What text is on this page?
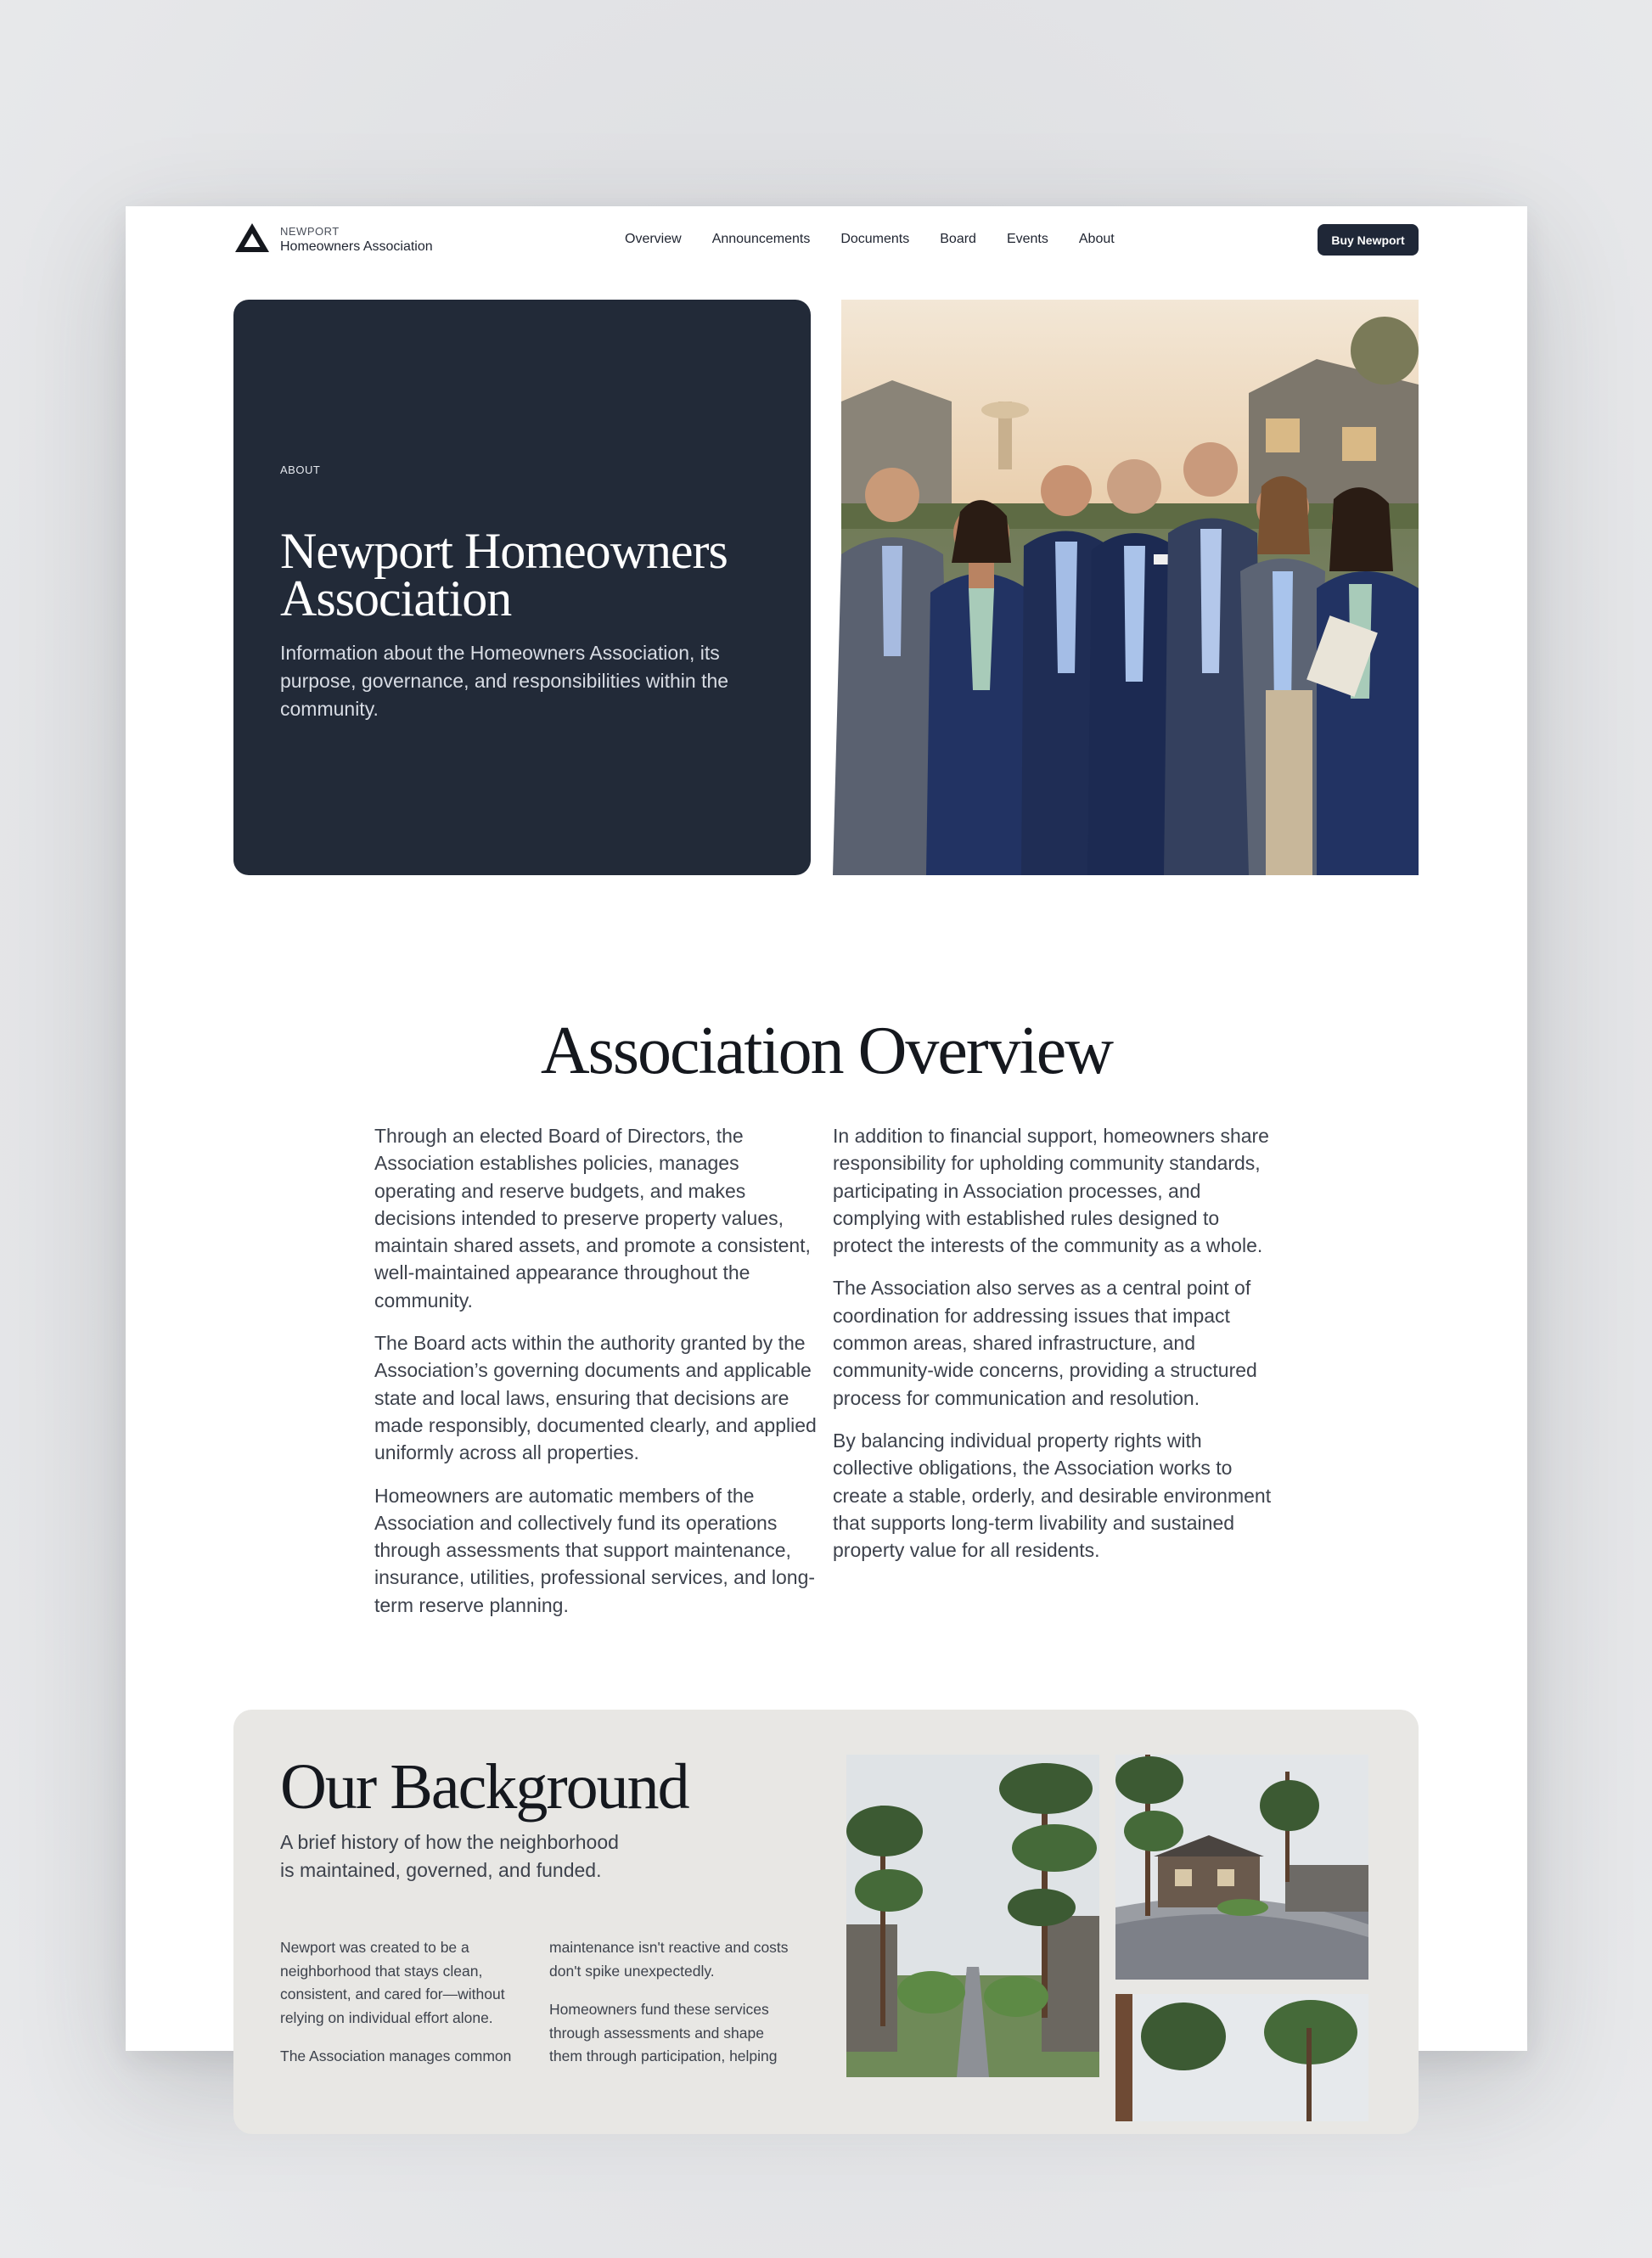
NEWPORT
Homeowners Association
Overview Announcements Documents Board Events About	Buy Newport
ABOUT
Newport Homeowners
Association
Information about the Homeowners Association, its purpose, governance, and responsibilities within the community.
Association Overview

Through an elected Board of Directors, the Association establishes policies, manages operating and reserve budgets, and makes decisions intended to preserve property values, maintain shared assets, and promote a consistent, well-maintained appearance throughout the community.

The Board acts within the authority granted by the Association’s governing documents and applicable state and local laws, ensuring that decisions are made responsibly, documented clearly, and applied uniformly across all properties.

Homeowners are automatic members of the Association and collectively fund its operations through assessments that support maintenance, insurance, utilities, professional services, and long-term reserve planning.

In addition to financial support, homeowners share responsibility for upholding community standards, participating in Association processes, and complying with established rules designed to protect the interests of the community as a whole.

The Association also serves as a central point of coordination for addressing issues that impact common areas, shared infrastructure, and community-wide concerns, providing a structured process for communication and resolution.

By balancing individual property rights with collective obligations, the Association works to create a stable, orderly, and desirable environment that supports long-term livability and sustained property value for all residents.

Our Background
A brief history of how the neighborhood
is maintained, governed, and funded.

Newport was created to be a neighborhood that stays clean, consistent, and cared for—without relying on individual effort alone.

The Association manages common

maintenance isn't reactive and costs don't spike unexpectedly.

Homeowners fund these services through assessments and shape them through participation, helping
